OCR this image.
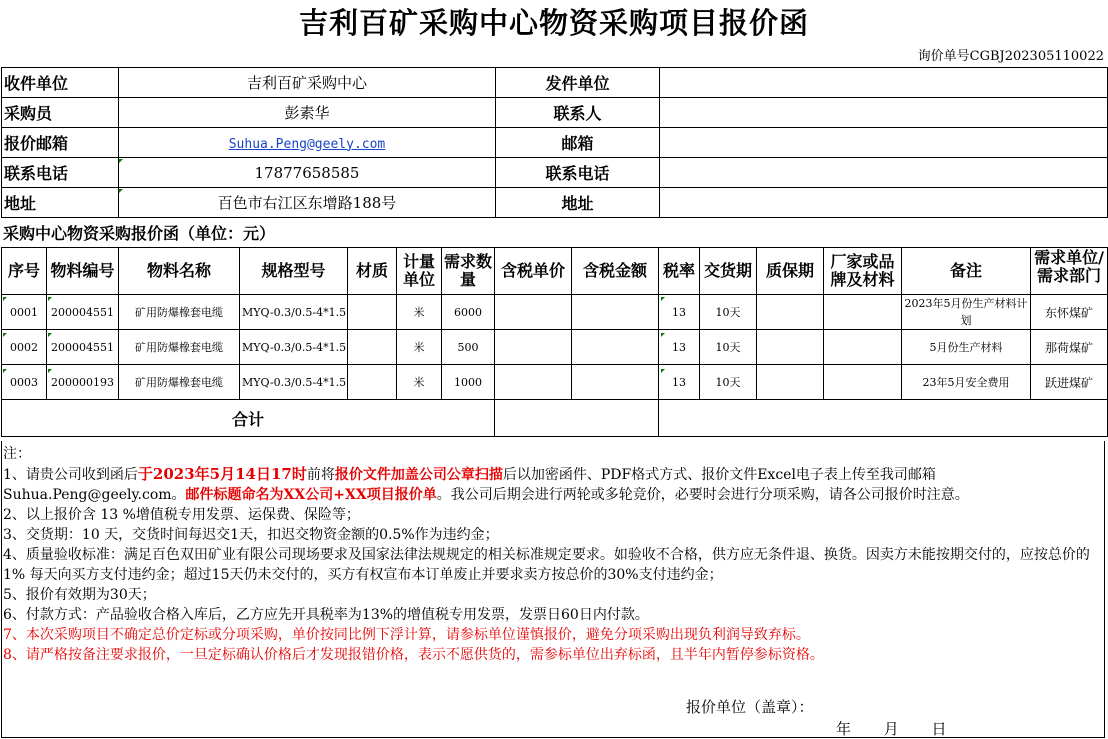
吉利百矿采购中心物资采购项目报价函
询价单号CGBJ202305110022
收件单位	吉利百矿采购中心	发件单位	
采购员	彭素华	联系人	
报价邮箱	Suhua.Peng@geely.com	邮箱	
联系电话	17877658585	联系电话	
地址	百色市右江区东增路188号	地址	
采购中心物资采购报价函（单位：元）
序号	物料编号	物料名称	规格型号	材质	计量单位	需求数量	含税单价	含税金额	税率	交货期	质保期	厂家或品牌及材料	备注	需求单位/需求部门

0001	200004551	矿用防爆橡套电缆	MYQ-0.3/0.5-4*1.5		米	6000			13	10天			2023年5月份生产材料计划	东怀煤矿
0002	200004551	矿用防爆橡套电缆	MYQ-0.3/0.5-4*1.5		米	500			13	10天			5月份生产材料	那荷煤矿
0003	200000193	矿用防爆橡套电缆	MYQ-0.3/0.5-4*1.5		米	1000			13	10天			23年5月安全费用	跃进煤矿
合计														

注：

1、请贵公司收到函后于2023年5月14日17时前将报价文件加盖公司公章扫描后以加密函件、PDF格式方式、报价文件Excel电子表上传至我司邮箱

Suhua.Peng@geely.com。邮件标题命名为XX公司+XX项目报价单。我公司后期会进行两轮或多轮竞价，必要时会进行分项采购，请各公司报价时注意。

2、以上报价含 13 %增值税专用发票、运保费、保险等；

3、交货期：10 天，交货时间每迟交1天，扣迟交物资金额的0.5%作为违约金；

4、质量验收标准：满足百色双田矿业有限公司现场要求及国家法律法规规定的相关标准规定要求。如验收不合格，供方应无条件退、换货。因卖方未能按期交付的，应按总价的1% 每天向买方支付违约金；超过15天仍未交付的，买方有权宣布本订单废止并要求卖方按总价的30%支付违约金；

5、报价有效期为30天；

6、付款方式：产品验收合格入库后，乙方应先开具税率为13%的增值税专用发票，发票日60日内付款。

7、本次采购项目不确定总价定标或分项采购，单价按同比例下浮计算，请参标单位谨慎报价，避免分项采购出现负利润导致弃标。

8、请严格按备注要求报价，一旦定标确认价格后才发现报错价格，表示不愿供货的，需参标单位出弃标函，且半年内暂停参标资格。

报价单位（盖章）：
年 月 日
